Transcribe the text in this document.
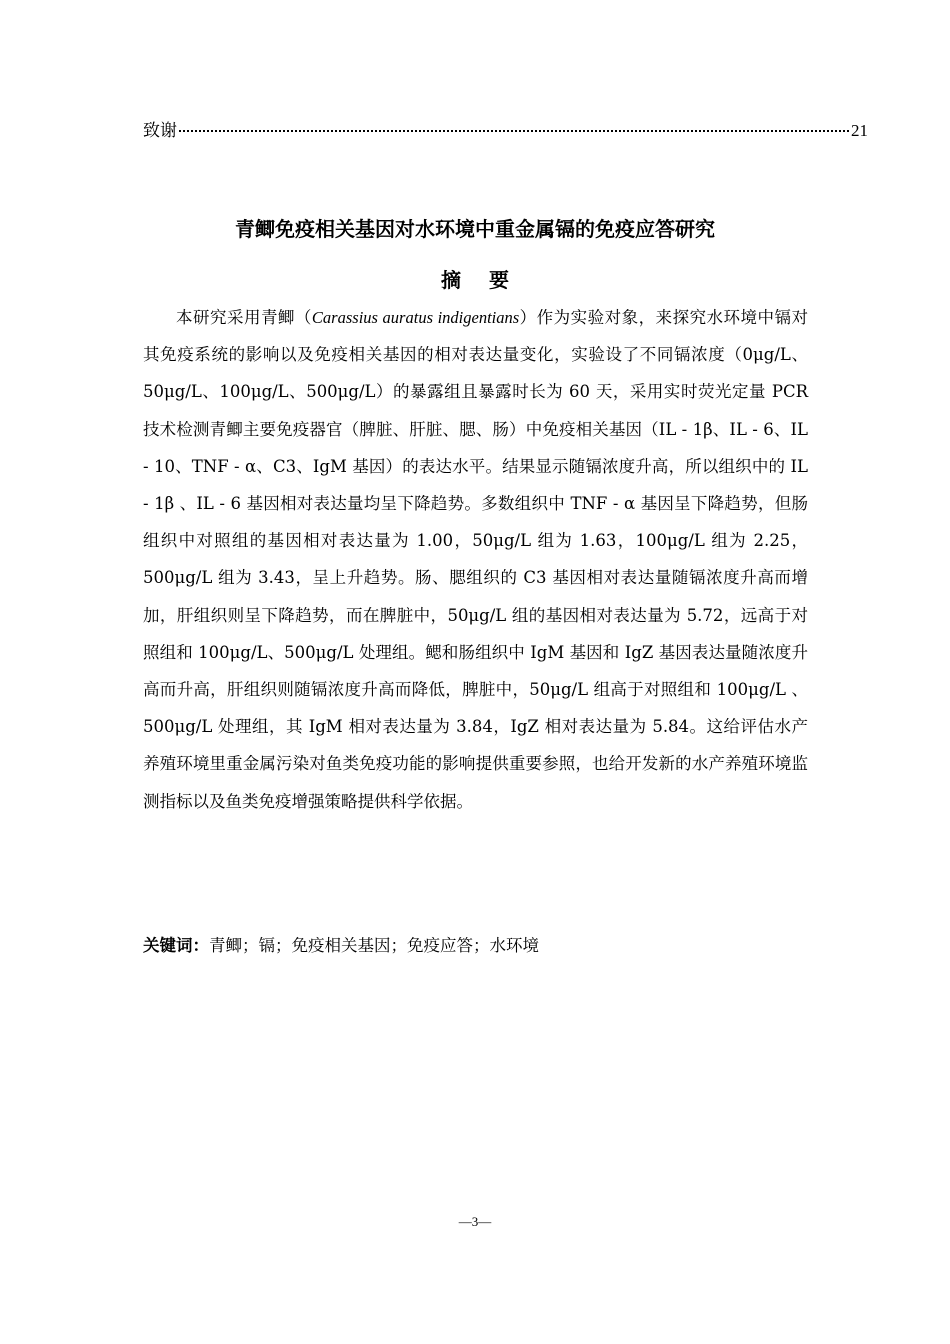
致谢	21
青鲫免疫相关基因对水环境中重金属镉的免疫应答研究
摘要

本研究采用青鲫（Carassius auratus indigentians）作为实验对象，来探究水环境中镉对其免疫系统的影响以及免疫相关基因的相对表达量变化，实验设了不同镉浓度（0μg/L、50μg/L、100μg/L、500μg/L）的暴露组且暴露时长为 60 天，采用实时荧光定量 PCR 技术检测青鲫主要免疫器官（脾脏、肝脏、腮、肠）中免疫相关基因（IL - 1β、IL - 6、IL - 10、TNF - α、C3、IgM 基因）的表达水平。结果显示随镉浓度升高，所以组织中的 IL - 1β 、IL - 6 基因相对表达量均呈下降趋势。多数组织中 TNF - α 基因呈下降趋势，但肠组织中对照组的基因相对表达量为 1.00，50μg/L 组为 1.63，100μg/L 组为 2.25，500μg/L 组为 3.43，呈上升趋势。肠、腮组织的 C3 基因相对表达量随镉浓度升高而增加，肝组织则呈下降趋势，而在脾脏中，50μg/L 组的基因相对表达量为 5.72，远高于对照组和 100μg/L、500μg/L 处理组。鳃和肠组织中 IgM 基因和 IgZ 基因表达量随浓度升高而升高，肝组织则随镉浓度升高而降低，脾脏中，50μg/L 组高于对照组和 100μg/L 、500μg/L 处理组，其 IgM 相对表达量为 3.84，IgZ 相对表达量为 5.84。这给评估水产养殖环境里重金属污染对鱼类免疫功能的影响提供重要参照，也给开发新的水产养殖环境监测指标以及鱼类免疫增强策略提供科学依据。

关键词：青鲫；镉；免疫相关基因；免疫应答；水环境
—3—
